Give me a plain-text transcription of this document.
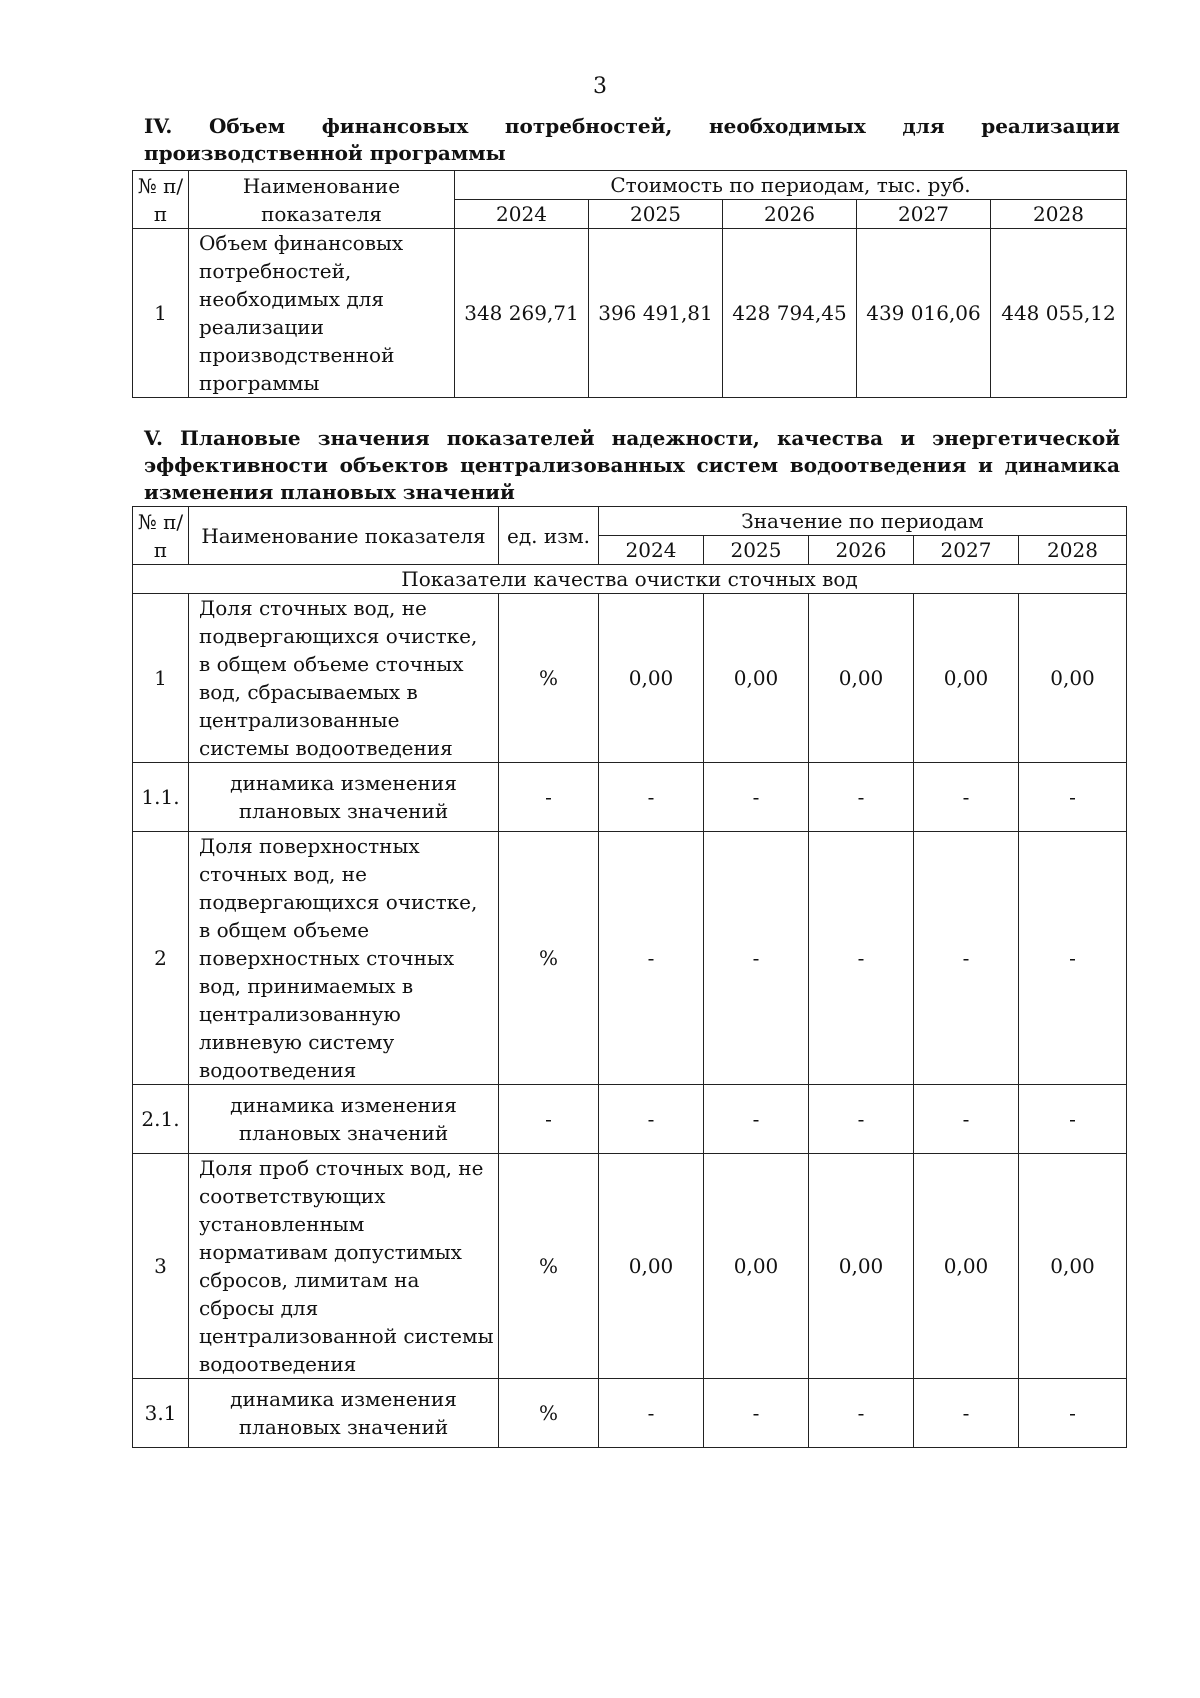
3
IV. Объем финансовых потребностей, необходимых для реализации производственной программы
№ п/п	Наименование показателя	Стоимость по периодам, тыс. руб.				
		2024	2025	2026	2027	2028
1	Объем финансовых потребностей, необходимых для реализации производственной программы	348 269,71	396 491,81	428 794,45	439 016,06	448 055,12
V. Плановые значения показателей надежности, качества и энергетической эффективности объектов централизованных систем водоотведения и динамика изменения плановых значений
№ п/п	Наименование показателя	ед. изм.	Значение по периодам				
			2024	2025	2026	2027	2028
Показатели качества очистки сточных вод							
1	Доля сточных вод, не подвергающихся очистке, в общем объеме сточных вод, сбрасываемых в централизованные системы водоотведения	%	0,00	0,00	0,00	0,00	0,00
1.1.	динамика изменения плановых значений	-	-	-	-	-	-
2	Доля поверхностных сточных вод, не подвергающихся очистке, в общем объеме поверхностных сточных вод, принимаемых в централизованную ливневую систему водоотведения	%	-	-	-	-	-
2.1.	динамика изменения плановых значений	-	-	-	-	-	-
3	Доля проб сточных вод, не соответствующих установленным нормативам допустимых сбросов, лимитам на сбросы для централизованной системы водоотведения	%	0,00	0,00	0,00	0,00	0,00
3.1	динамика изменения плановых значений	%	-	-	-	-	-
